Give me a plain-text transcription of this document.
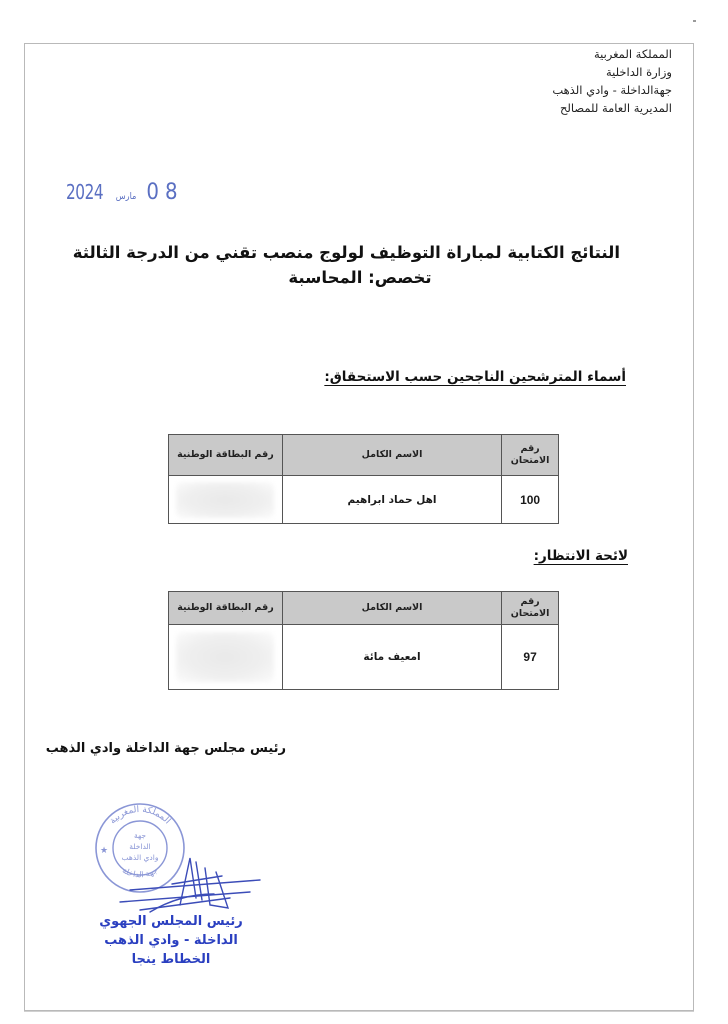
المملكة المغربية
وزارة الداخلية
جهةالداخلة - وادي الذهب
المديرية العامة للمصالح
2024 مارس 08
النتائج الكتابية لمباراة التوظيف لولوج منصب تقني من الدرجة الثالثة
تخصص: المحاسبة
أسماء المترشحين الناجحين حسب الاستحقاق:
رقم الامتحان	الاسم الكامل	رقم البطاقة الوطنية
100	اهل حماد ابراهيم	
لائحة الانتظار:
رقم الامتحان	الاسم الكامل	رقم البطاقة الوطنية
97	امعيف مائة	
رئيس مجلس جهة الداخلة وادي الذهب
المملكة المغربية
جهة الداخلة
جهة
الداخلة
وادي الذهب
★
رئيس المجلس الجهوي
الداخلة - وادي الذهب
الخطاط ينجا
